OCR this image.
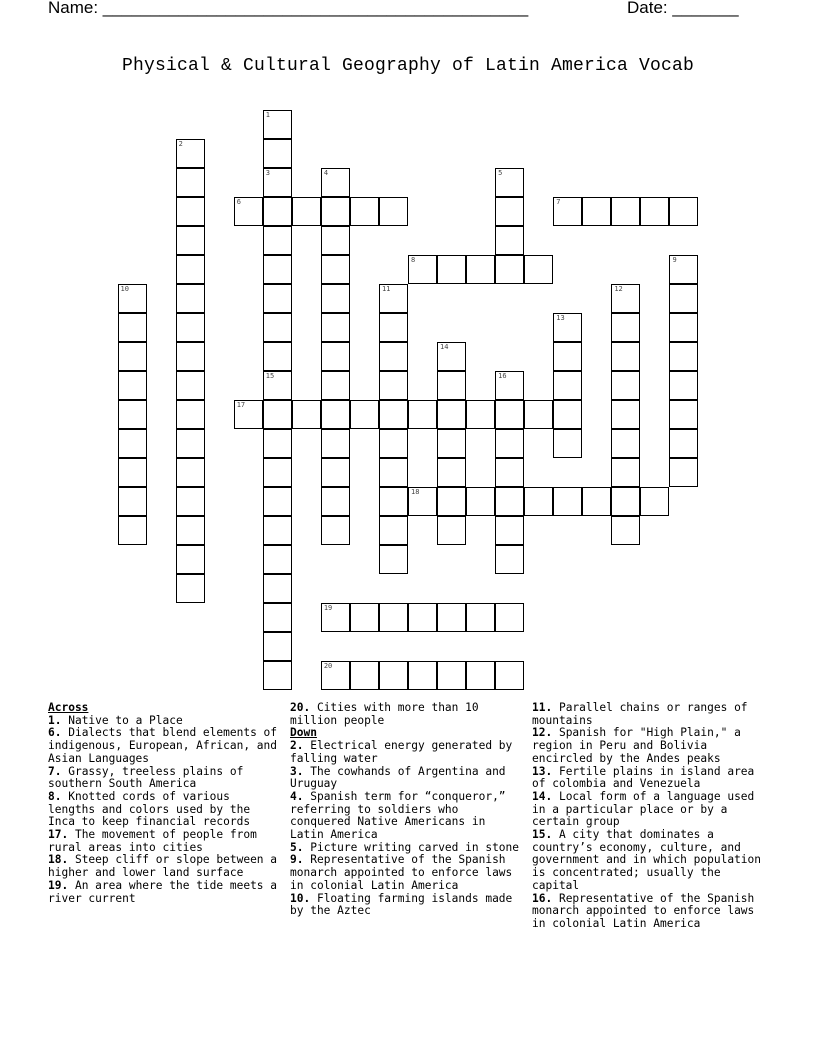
Name: _____________________________________________	Date: _______
Physical & Cultural Geography of Latin America Vocab
1
2
3	4	5
6	7
8	9
10	11	12
13
14
15	16
17
18
19
20

Across

1. Native to a Place

6. Dialects that blend elements of indigenous, European, African, and Asian Languages

7. Grassy, treeless plains of southern South America

8. Knotted cords of various lengths and colors used by the Inca to keep financial records

17. The movement of people from rural areas into cities

18. Steep cliff or slope between a higher and lower land surface

19. An area where the tide meets a river current

20. Cities with more than 10 million people

Down

2. Electrical energy generated by falling water

3. The cowhands of Argentina and Uruguay

4. Spanish term for “conqueror,” referring to soldiers who conquered Native Americans in Latin America

5. Picture writing carved in stone

9. Representative of the Spanish monarch appointed to enforce laws in colonial Latin America

10. Floating farming islands made by the Aztec

11. Parallel chains or ranges of mountains

12. Spanish for "High Plain," a region in Peru and Bolivia encircled by the Andes peaks

13. Fertile plains in island area of colombia and Venezuela

14. Local form of a language used in a particular place or by a certain group

15. A city that dominates a country’s economy, culture, and government and in which population is concentrated; usually the capital

16. Representative of the Spanish monarch appointed to enforce laws in colonial Latin America
